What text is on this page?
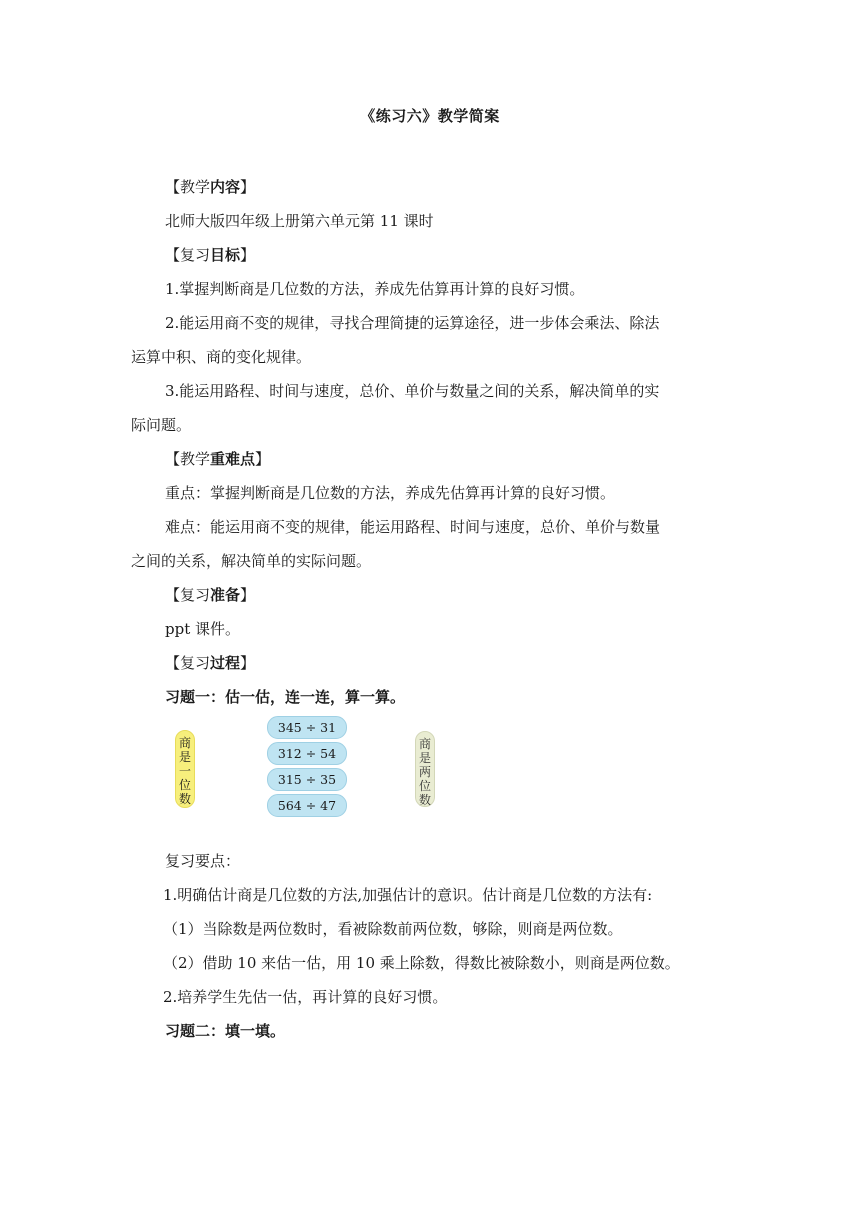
《练习六》教学简案
【教学内容】
北师大版四年级上册第六单元第 11 课时
【复习目标】
1.掌握判断商是几位数的方法，养成先估算再计算的良好习惯。
2.能运用商不变的规律，寻找合理简捷的运算途径，进一步体会乘法、除法
运算中积、商的变化规律。
3.能运用路程、时间与速度，总价、单价与数量之间的关系，解决简单的实
际问题。
【教学重难点】
重点：掌握判断商是几位数的方法，养成先估算再计算的良好习惯。
难点：能运用商不变的规律，能运用路程、时间与速度，总价、单价与数量
之间的关系，解决简单的实际问题。
【复习准备】
ppt 课件。
【复习过程】
习题一：估一估，连一连，算一算。
商
是
一
位
数
345 ÷ 31
312 ÷ 54
315 ÷ 35
564 ÷ 47
商
是
两
位
数
复习要点：
1.明确估计商是几位数的方法,加强估计的意识。估计商是几位数的方法有:
（1）当除数是两位数时，看被除数前两位数，够除，则商是两位数。
（2）借助 10 来估一估，用 10 乘上除数，得数比被除数小，则商是两位数。
2.培养学生先估一估，再计算的良好习惯。
习题二：填一填。
